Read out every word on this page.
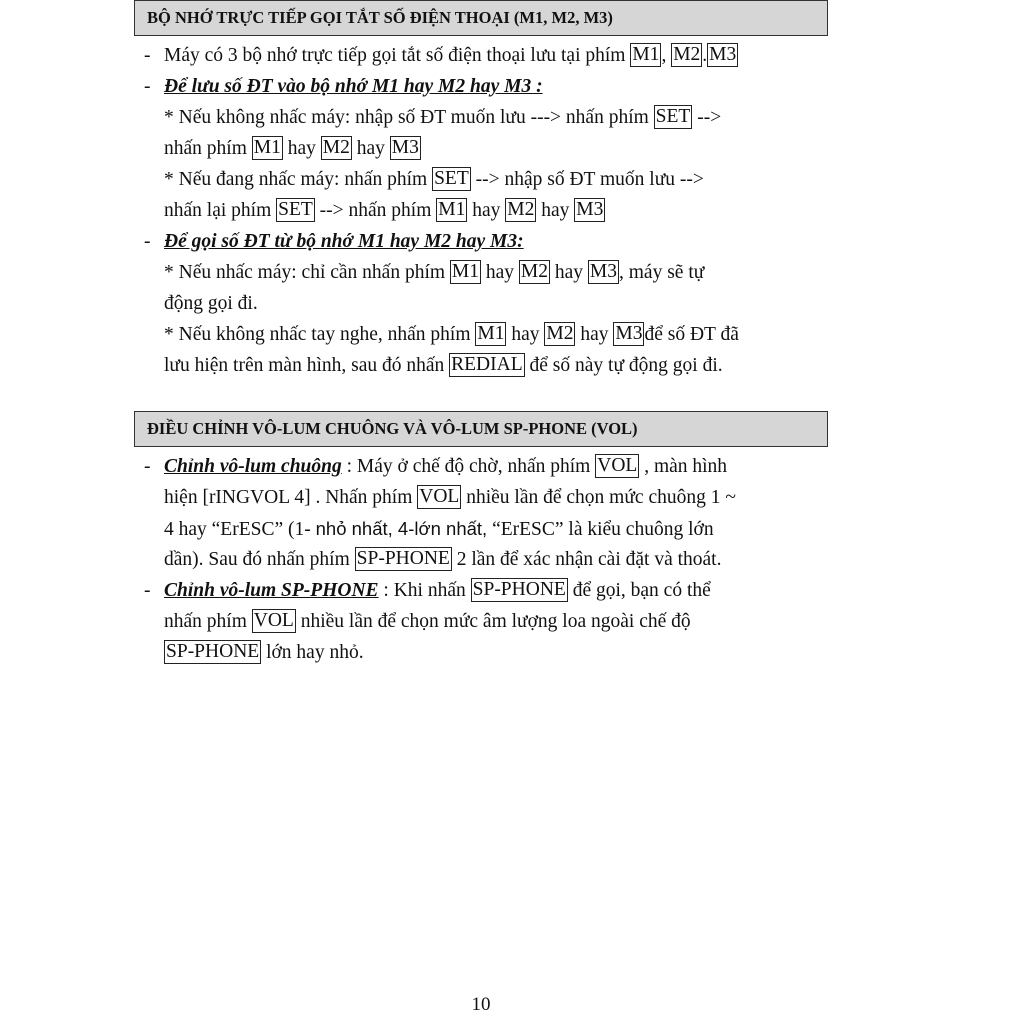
BỘ NHỚ TRỰC TIẾP GỌI TẮT SỐ ĐIỆN THOẠI (M1, M2, M3)
- Máy có 3 bộ nhớ trực tiếp gọi tắt số điện thoại lưu tại phím M1 , M2 . M3
- Để lưu số ĐT vào bộ nhớ M1 hay M2 hay M3 :
* Nếu không nhấc máy: nhập số ĐT muốn lưu ---> nhấn phím SET -->
nhấn phím M1 hay M2 hay M3
* Nếu đang nhấc máy: nhấn phím SET --> nhập số ĐT muốn lưu -->
nhấn lại phím SET --> nhấn phím M1 hay M2 hay M3
- Để gọi số ĐT từ bộ nhớ M1 hay M2 hay M3:
* Nếu nhấc máy: chỉ cần nhấn phím M1 hay M2 hay M3 , máy sẽ tự
động gọi đi.
* Nếu không nhấc tay nghe, nhấn phím M1 hay M2 hay M3 để số ĐT đã
lưu hiện trên màn hình, sau đó nhấn REDIAL để số này tự động gọi đi.
ĐIỀU CHỈNH VÔ-LUM CHUÔNG VÀ VÔ-LUM SP-PHONE (VOL)
- Chỉnh vô-lum chuông : Máy ở chế độ chờ, nhấn phím VOL , màn hình
hiện [rINGVOL 4] . Nhấn phím VOL nhiều lần để chọn mức chuông 1 ~
4 hay “ErESC” (1- nhỏ nhất, 4-lớn nhất, “ErESC” là kiểu chuông lớn
dần). Sau đó nhấn phím SP-PHONE 2 lần để xác nhận cài đặt và thoát.
- Chỉnh vô-lum SP-PHONE : Khi nhấn SP-PHONE để gọi, bạn có thể
nhấn phím VOL nhiều lần để chọn mức âm lượng loa ngoài chế độ
SP-PHONE lớn hay nhỏ.
10
